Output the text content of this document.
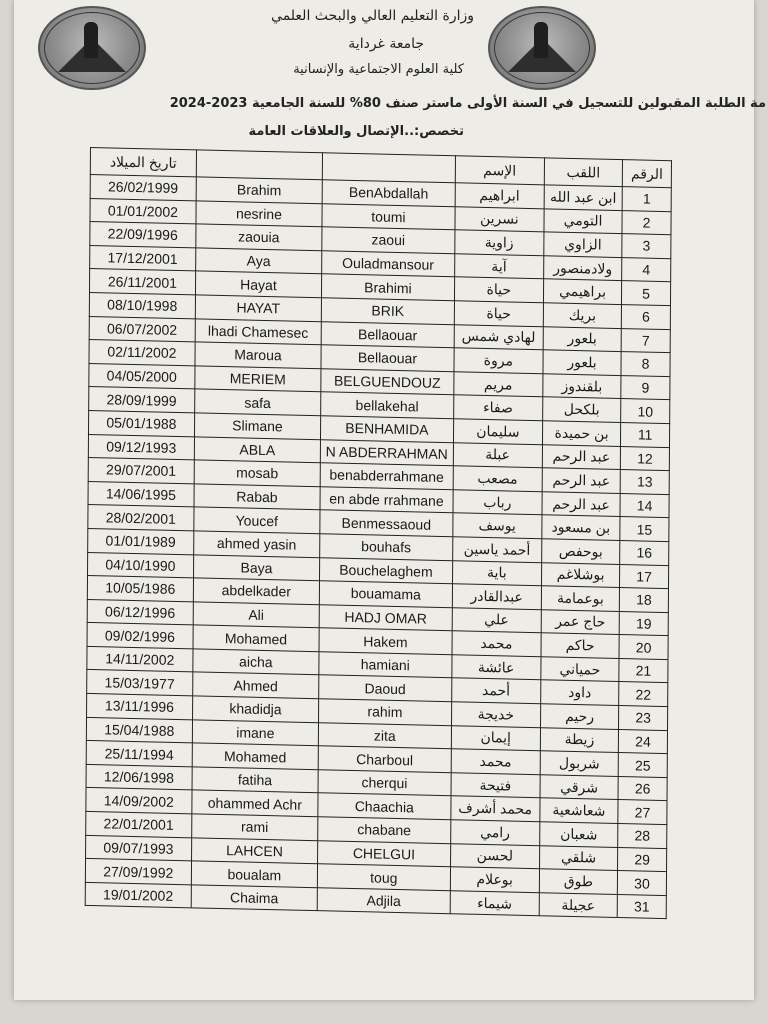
وزارة التعليم العالي والبحث العلمي
جامعة غرداية
كلية العلوم الاجتماعية والإنسانية
مة الطلبة المقبولين للتسجيل في السنة الأولى ماستر صنف 80% للسنة الجامعية 2023-2024
تخصص:..الإتصال والعلاقات العامة
تاريخ الميلاد			الإسم	اللقب	الرقم
26/02/1999	Brahim	BenAbdallah	ابراهيم	ابن عبد الله	1
01/01/2002	nesrine	toumi	نسرين	التومي	2
22/09/1996	zaouia	zaoui	زاوية	الزاوي	3
17/12/2001	Aya	Ouladmansour	آية	ولادمنصور	4
26/11/2001	Hayat	Brahimi	حياة	براهيمي	5
08/10/1998	HAYAT	BRIK	حياة	بريك	6
06/07/2002	lhadi Chamesec	Bellaouar	لهادي شمس	بلعور	7
02/11/2002	Maroua	Bellaouar	مروة	بلعور	8
04/05/2000	MERIEM	BELGUENDOUZ	مريم	بلقندوز	9
28/09/1999	safa	bellakehal	صفاء	بلكحل	10
05/01/1988	Slimane	BENHAMIDA	سليمان	بن حميدة	11
09/12/1993	ABLA	N ABDERRAHMAN	عبلة	عبد الرحم	12
29/07/2001	mosab	benabderrahmane	مصعب	عبد الرحم	13
14/06/1995	Rabab	en abde rrahmane	رباب	عبد الرحم	14
28/02/2001	Youcef	Benmessaoud	يوسف	بن مسعود	15
01/01/1989	ahmed yasin	bouhafs	أحمد ياسين	بوحفص	16
04/10/1990	Baya	Bouchelaghem	باية	بوشلاغم	17
10/05/1986	abdelkader	bouamama	عبدالقادر	بوعمامة	18
06/12/1996	Ali	HADJ OMAR	علي	حاج عمر	19
09/02/1996	Mohamed	Hakem	محمد	حاكم	20
14/11/2002	aicha	hamiani	عائشة	حمياني	21
15/03/1977	Ahmed	Daoud	أحمد	داود	22
13/11/1996	khadidja	rahim	خديجة	رحيم	23
15/04/1988	imane	zita	إيمان	زيطة	24
25/11/1994	Mohamed	Charboul	محمد	شربول	25
12/06/1998	fatiha	cherqui	فتيحة	شرقي	26
14/09/2002	ohammed Achr	Chaachia	محمد أشرف	شعاشعية	27
22/01/2001	rami	chabane	رامي	شعبان	28
09/07/1993	LAHCEN	CHELGUI	لحسن	شلقي	29
27/09/1992	boualam	toug	بوعلام	طوق	30
19/01/2002	Chaima	Adjila	شيماء	عجيلة	31
